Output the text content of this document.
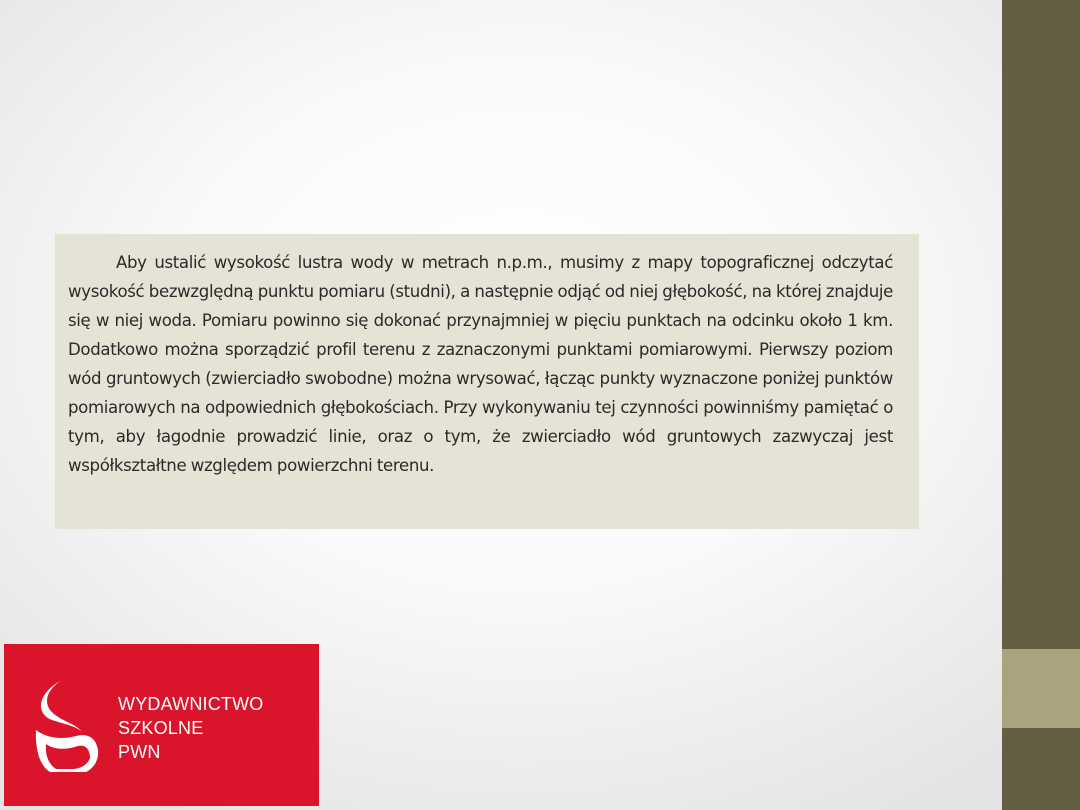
Aby ustalić wysokość lustra wody w metrach n.p.m., musimy z mapy topograficznej odczytać wysokość bezwzględną punktu pomiaru (studni), a następnie odjąć od niej głębokość, na której znajduje się w niej woda. Pomiaru powinno się dokonać przynajmniej w pięciu punktach na odcinku około 1 km. Dodatkowo można sporządzić profil terenu z zaznaczonymi punktami pomiarowymi. Pierwszy poziom wód gruntowych (zwierciadło swobodne) można wrysować, łącząc punkty wyznaczone poniżej punktów pomiarowych na odpowiednich głębokościach. Przy wykonywaniu tej czynności powinniśmy pamiętać o tym, aby łagodnie prowadzić linie, oraz o tym, że zwierciadło wód gruntowych zazwyczaj jest współkształtne względem powierzchni terenu.

WYDAWNICTWO
SZKOLNE
PWN
